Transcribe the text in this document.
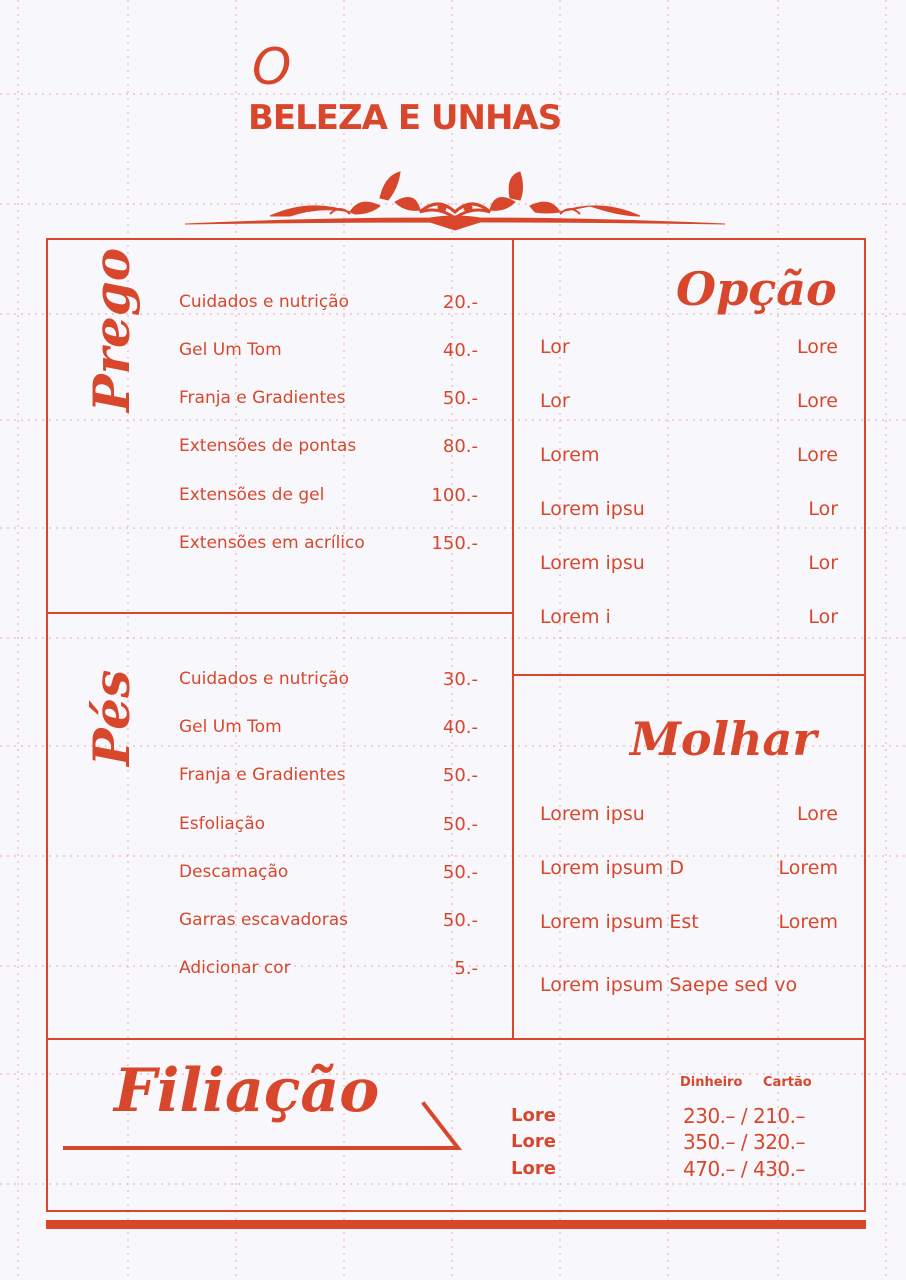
O
BELEZA E UNHAS
Prego Cuidados e nutrição	20.-
Gel Um Tom	40.-
Franja e Gradientes	50.-
Extensões de pontas	80.-
Extensões de gel	100.-
Extensões em acrílico	150.-
Pés Cuidados e nutrição	30.-
Gel Um Tom	40.-
Franja e Gradientes	50.-
Esfoliação	50.-
Descamação	50.-
Garras escavadoras	50.-
Adicionar cor	5.-
Opção
Lor	Lore
Lor	Lore
Lorem	Lore
Lorem ipsu	Lor
Lorem ipsu	Lor
Lorem i	Lor
Molhar
Lorem ipsu	Lore
Lorem ipsum D	Lorem
Lorem ipsum Est	Lorem
Lorem ipsum Saepe sed vo
Filiação	Dinheiro Cartão
Lore	230.– / 210.–
Lore	350.– / 320.–
Lore	470.– / 430.–
